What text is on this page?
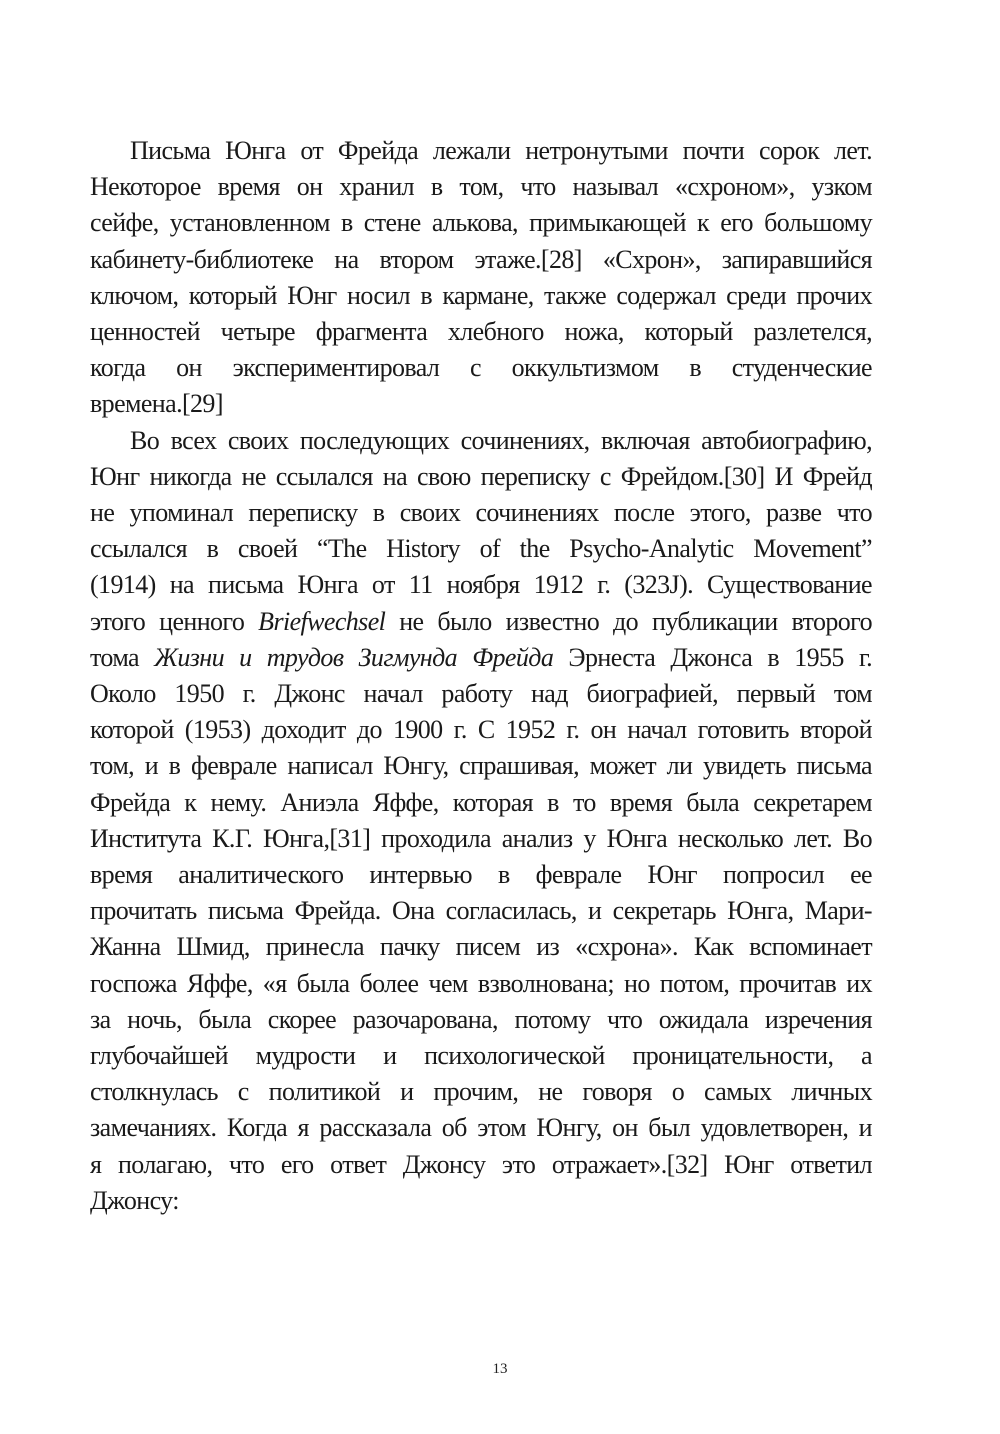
Письма Юнга от Фрейда лежали нетронутыми почти сорок лет.
Некоторое время он хранил в том, что называл «схроном», узком
сейфе, установленном в стене алькова, примыкающей к его большому
кабинету-библиотеке на втором этаже.[28] «Схрон», запиравшийся
ключом, который Юнг носил в кармане, также содержал среди прочих
ценностей четыре фрагмента хлебного ножа, который разлетелся,
когда он экспериментировал с оккультизмом в студенческие
времена.[29]

Во всех своих последующих сочинениях, включая автобиографию,
Юнг никогда не ссылался на свою переписку с Фрейдом.[30] И Фрейд
не упоминал переписку в своих сочинениях после этого, разве что
ссылался в своей “The History of the Psycho-Analytic Movement”
(1914) на письма Юнга от 11 ноября 1912 г. (323J). Существование
этого ценного Briefwechsel не было известно до публикации второго
тома Жизни и трудов Зигмунда Фрейда Эрнеста Джонса в 1955 г.
Около 1950 г. Джонс начал работу над биографией, первый том
которой (1953) доходит до 1900 г. С 1952 г. он начал готовить второй
том, и в феврале написал Юнгу, спрашивая, может ли увидеть письма
Фрейда к нему. Аниэла Яффе, которая в то время была секретарем
Института К.Г. Юнга,[31] проходила анализ у Юнга несколько лет. Во
время аналитического интервью в феврале Юнг попросил ее
прочитать письма Фрейда. Она согласилась, и секретарь Юнга, Мари-
Жанна Шмид, принесла пачку писем из «схрона». Как вспоминает
госпожа Яффе, «я была более чем взволнована; но потом, прочитав их
за ночь, была скорее разочарована, потому что ожидала изречения
глубочайшей мудрости и психологической проницательности, а
столкнулась с политикой и прочим, не говоря о самых личных
замечаниях. Когда я рассказала об этом Юнгу, он был удовлетворен, и
я полагаю, что его ответ Джонсу это отражает».[32] Юнг ответил
Джонсу:

13
